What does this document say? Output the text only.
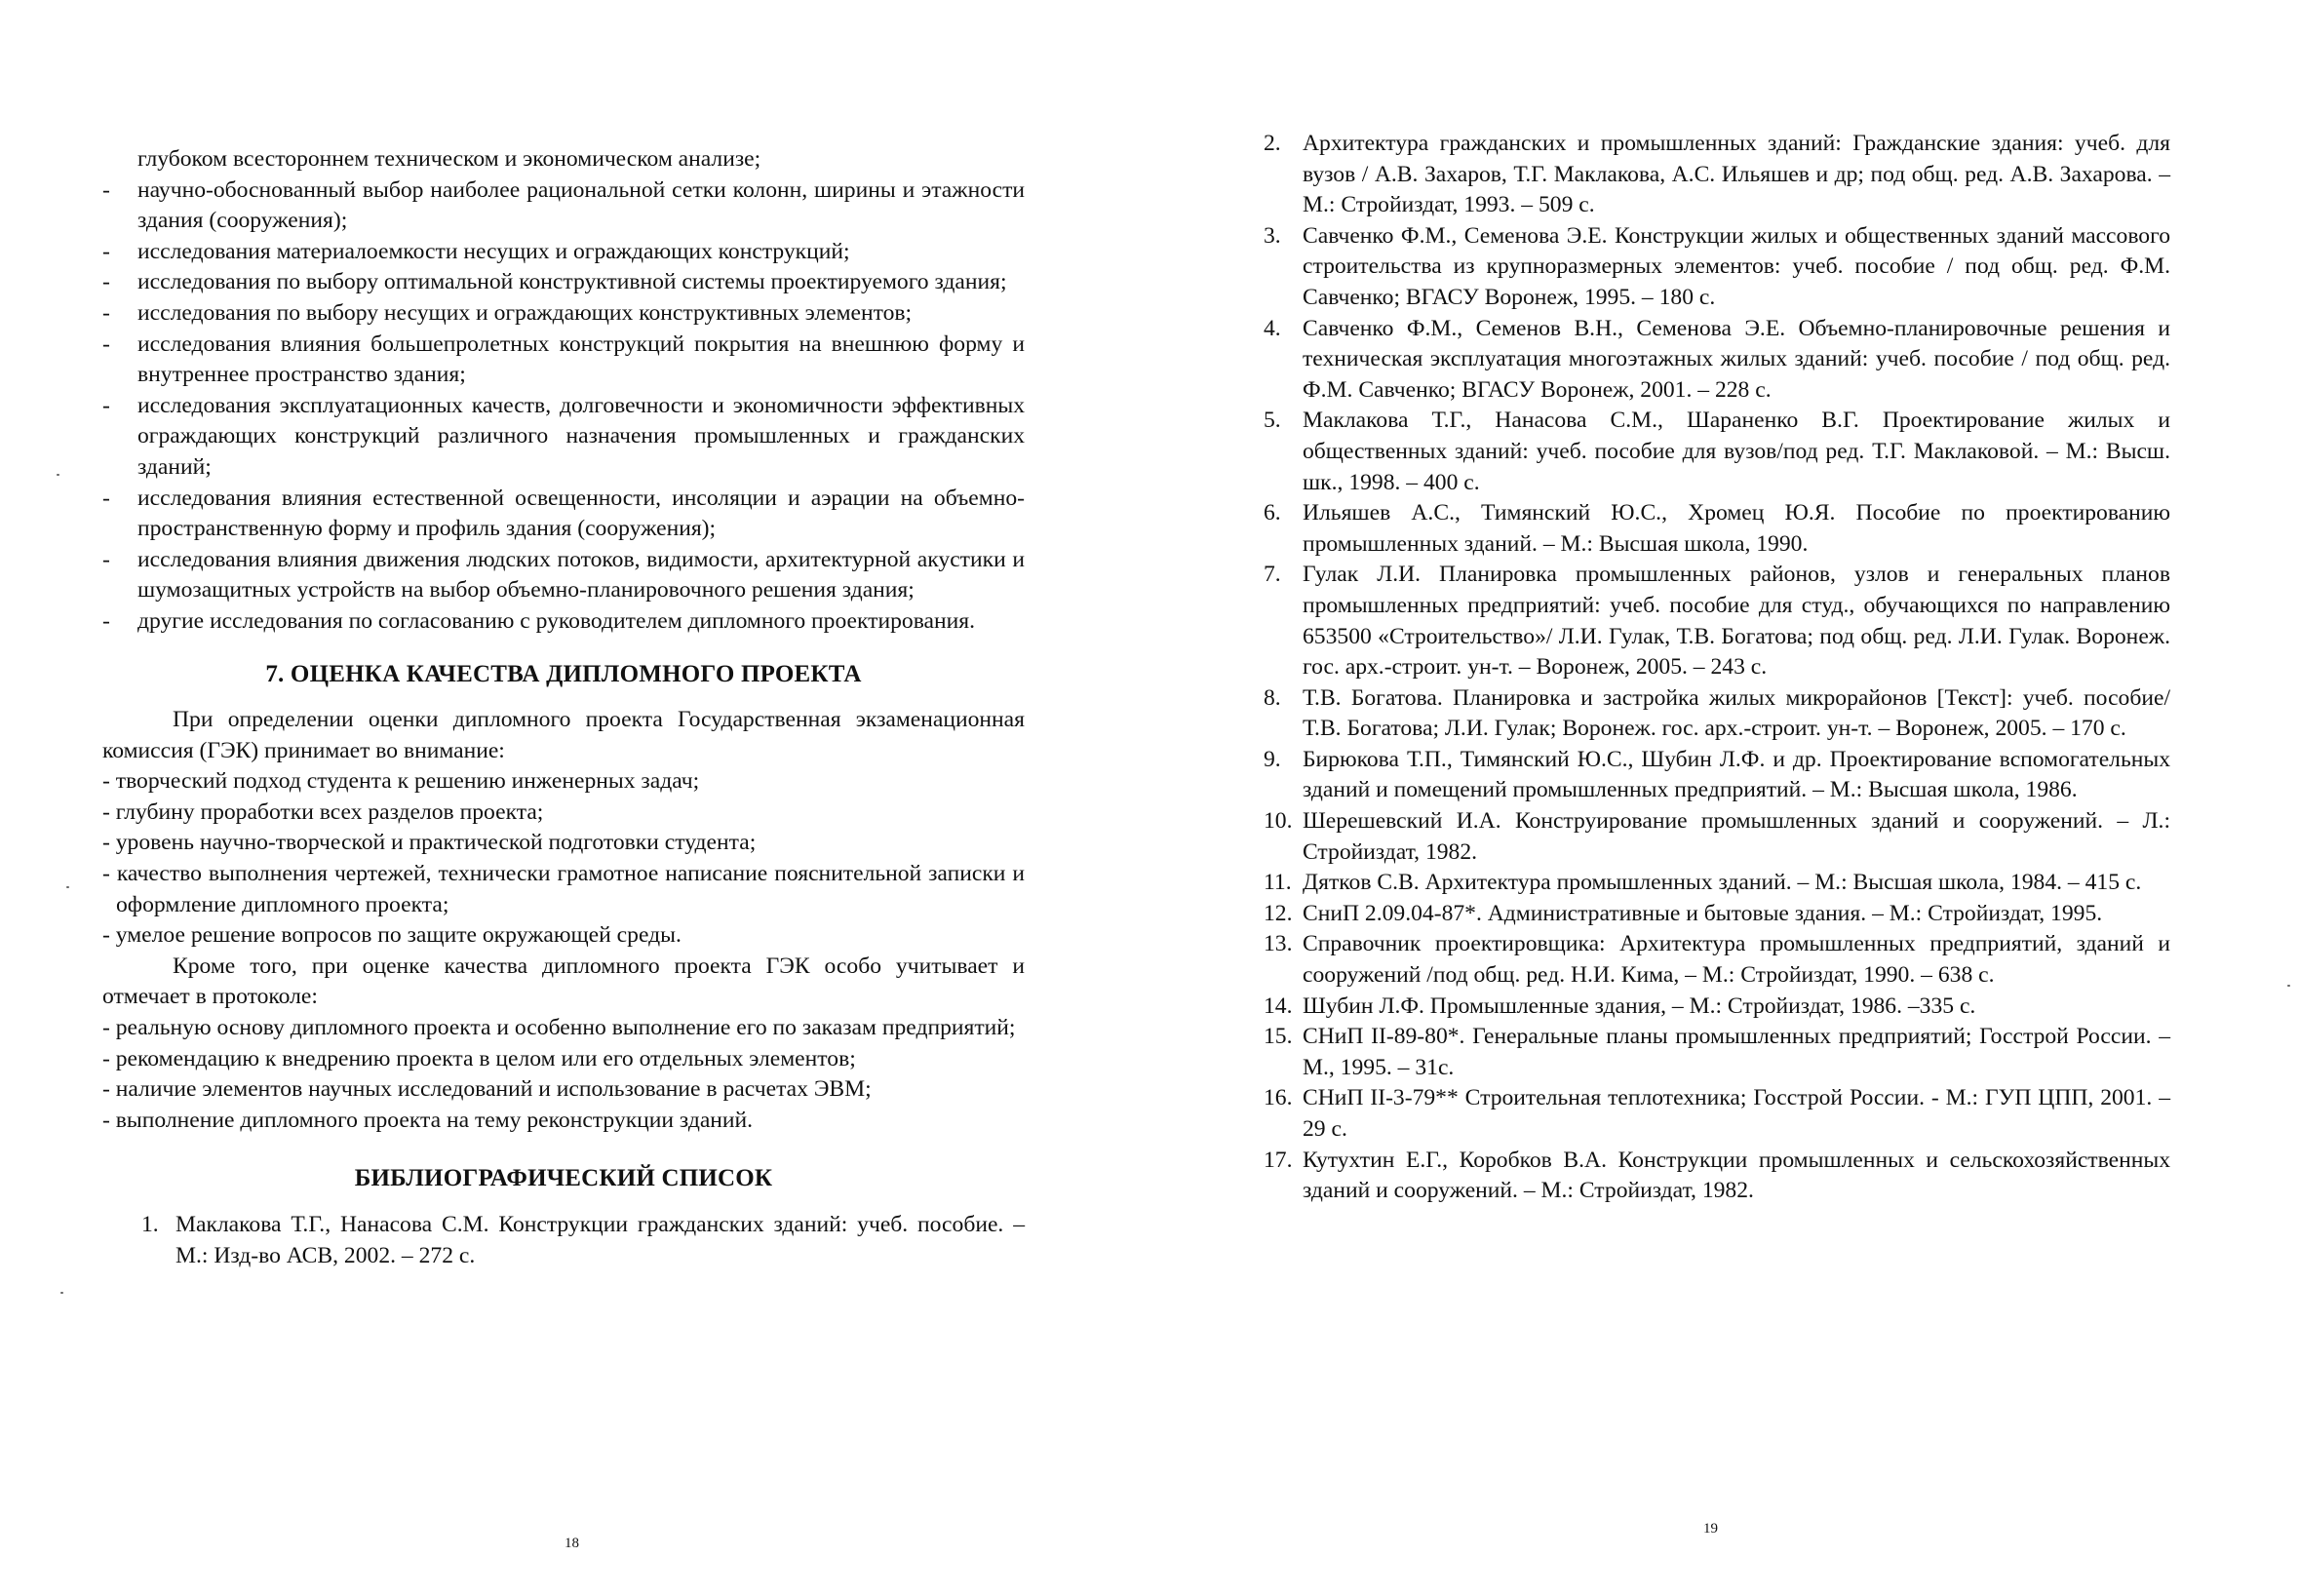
глубоком всестороннем техническом и экономическом анализе;
- научно-обоснованный выбор наиболее рациональной сетки колонн, ширины и этажности здания (сооружения);
- исследования материалоемкости несущих и ограждающих конструкций;
- исследования по выбору оптимальной конструктивной системы проектируемого здания;
- исследования по выбору несущих и ограждающих конструктивных элементов;
- исследования влияния большепролетных конструкций покрытия на внешнюю форму и внутреннее пространство здания;
- исследования эксплуатационных качеств, долговечности и экономичности эффективных ограждающих конструкций различного назначения промышленных и гражданских зданий;
- исследования влияния естественной освещенности, инсоляции и аэрации на объемно-пространственную форму и профиль здания (сооружения);
- исследования влияния движения людских потоков, видимости, архитектурной акустики и шумозащитных устройств на выбор объемно-планировочного решения здания;
- другие исследования по согласованию с руководителем дипломного проектирования.
7. ОЦЕНКА КАЧЕСТВА ДИПЛОМНОГО ПРОЕКТА
При определении оценки дипломного проекта Государственная экзаменационная комиссия (ГЭК) принимает во внимание:
- творческий подход студента к решению инженерных задач;
- глубину проработки всех разделов проекта;
- уровень научно-творческой и практической подготовки студента;
- качество выполнения чертежей, технически грамотное написание пояснительной записки и оформление дипломного проекта;
- умелое решение вопросов по защите окружающей среды.
Кроме того, при оценке качества дипломного проекта ГЭК особо учитывает и отмечает в протоколе:
- реальную основу дипломного проекта и особенно выполнение его по заказам предприятий;
- рекомендацию к внедрению проекта в целом или его отдельных элементов;
- наличие элементов научных исследований и использование в расчетах ЭВМ;
- выполнение дипломного проекта на тему реконструкции зданий.
БИБЛИОГРАФИЧЕСКИЙ СПИСОК
1. Маклакова Т.Г., Нанасова С.М. Конструкции гражданских зданий: учеб. пособие. – М.: Изд-во АСВ, 2002. – 272 с.
18
2. Архитектура гражданских и промышленных зданий: Гражданские здания: учеб. для вузов / А.В. Захаров, Т.Г. Маклакова, А.С. Ильяшев и др; под общ. ред. А.В. Захарова. –М.: Стройиздат, 1993. – 509 с.
3. Савченко Ф.М., Семенова Э.Е. Конструкции жилых и общественных зданий массового строительства из крупноразмерных элементов: учеб. пособие / под общ. ред. Ф.М. Савченко; ВГАСУ Воронеж, 1995. – 180 с.
4. Савченко Ф.М., Семенов В.Н., Семенова Э.Е. Объемно-планировочные решения и техническая эксплуатация многоэтажных жилых зданий: учеб. пособие / под общ. ред. Ф.М. Савченко; ВГАСУ Воронеж, 2001. – 228 с.
5. Маклакова Т.Г., Нанасова С.М., Шараненко В.Г. Проектирование жилых и общественных зданий: учеб. пособие для вузов/под ред. Т.Г. Маклаковой. – М.: Высш. шк., 1998. – 400 с.
6. Ильяшев А.С., Тимянский Ю.С., Хромец Ю.Я. Пособие по проектированию промышленных зданий. – М.: Высшая школа, 1990.
7. Гулак Л.И. Планировка промышленных районов, узлов и генеральных планов промышленных предприятий: учеб. пособие для студ., обучающихся по направлению 653500 «Строительство»/ Л.И. Гулак, Т.В. Богатова; под общ. ред. Л.И. Гулак. Воронеж. гос. арх.-строит. ун-т. – Воронеж, 2005. – 243 с.
8. Т.В. Богатова. Планировка и застройка жилых микрорайонов [Текст]: учеб. пособие/ Т.В. Богатова; Л.И. Гулак; Воронеж. гос. арх.-строит. ун-т. – Воронеж, 2005. – 170 с.
9. Бирюкова Т.П., Тимянский Ю.С., Шубин Л.Ф. и др. Проектирование вспомогательных зданий и помещений промышленных предприятий. – М.: Высшая школа, 1986.
10. Шерешевский И.А. Конструирование промышленных зданий и сооружений. – Л.: Стройиздат, 1982.
11. Дятков С.В. Архитектура промышленных зданий. – М.: Высшая школа, 1984. – 415 с.
12. СниП 2.09.04-87*. Административные и бытовые здания. – М.: Стройиздат, 1995.
13. Справочник проектировщика: Архитектура промышленных предприятий, зданий и сооружений /под общ. ред. Н.И. Кима, – М.: Стройиздат, 1990. – 638 с.
14. Шубин Л.Ф. Промышленные здания, – М.: Стройиздат, 1986. –335 с.
15. СНиП II-89-80*. Генеральные планы промышленных предприятий; Госстрой России. – М., 1995. – 31с.
16. СНиП II-3-79** Строительная теплотехника; Госстрой России. - М.: ГУП ЦПП, 2001. – 29 с.
17. Кутухтин Е.Г., Коробков В.А. Конструкции промышленных и сельскохозяйственных зданий и сооружений. – М.: Стройиздат, 1982.
19
